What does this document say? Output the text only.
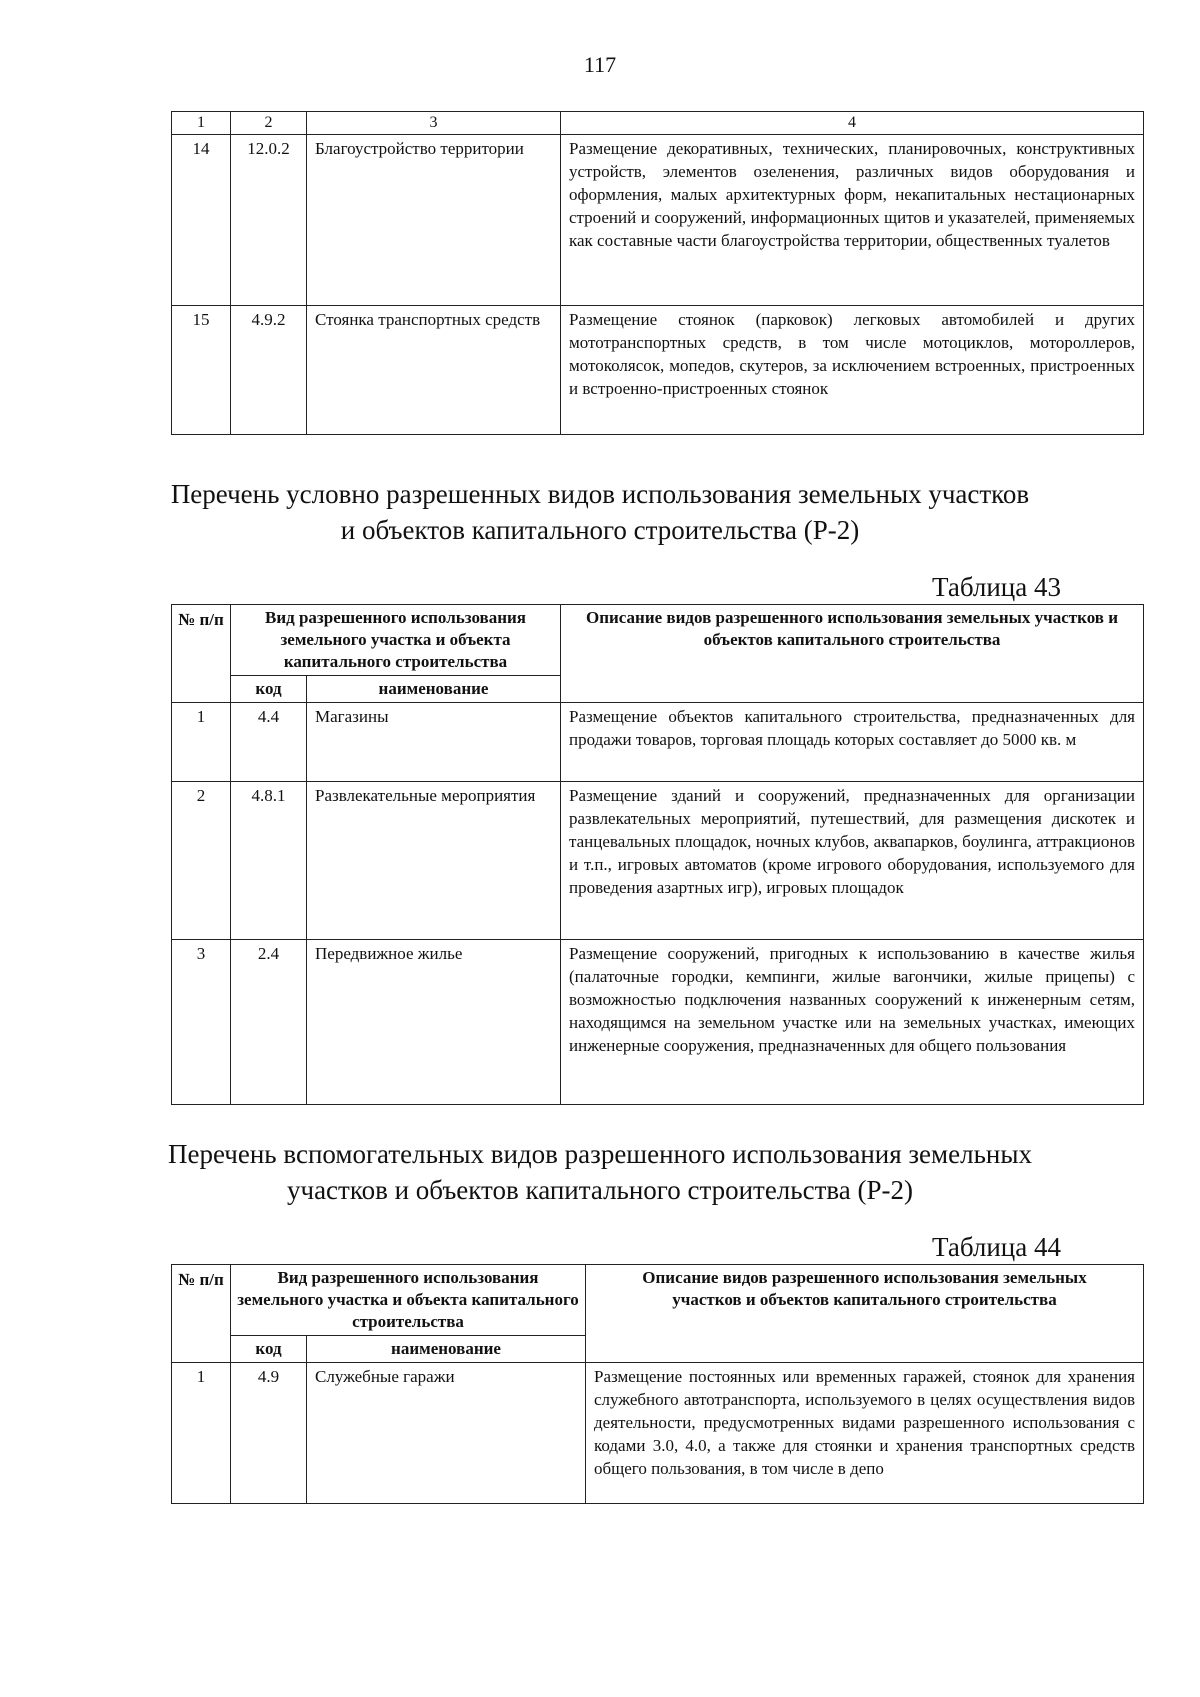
117
1	2	3	4
14	12.0.2	Благоустройство территории	Размещение декоративных, технических, планировочных, конструктивных устройств, элементов озеленения, различных видов оборудования и оформления, малых архитектурных форм, некапитальных нестационарных строений и сооружений, информационных щитов и указателей, применяемых как составные части благоустройства территории, общественных туалетов
15	4.9.2	Стоянка транспортных средств	Размещение стоянок (парковок) легковых автомобилей и других мототранспортных средств, в том числе мотоциклов, мотороллеров, мотоколясок, мопедов, скутеров, за исключением встроенных, пристроенных и встроенно-пристроенных стоянок
Перечень условно разрешенных видов использования земельных участков
и объектов капитального строительства (Р-2)
Таблица 43
№ п/п	Вид разрешенного использования земельного участка и объекта капитального строительства		Описание видов разрешенного использования земельных участков и объектов капитального строительства
	код	наименование	
1	4.4	Магазины	Размещение объектов капитального строительства, предназначенных для продажи товаров, торговая площадь которых составляет до 5000 кв. м
2	4.8.1	Развлекательные мероприятия	Размещение зданий и сооружений, предназначенных для организации развлекательных мероприятий, путешествий, для размещения дискотек и танцевальных площадок, ночных клубов, аквапарков, боулинга, аттракционов и т.п., игровых автоматов (кроме игрового оборудования, используемого для проведения азартных игр), игровых площадок
3	2.4	Передвижное жилье	Размещение сооружений, пригодных к использованию в качестве жилья (палаточные городки, кемпинги, жилые вагончики, жилые прицепы) с возможностью подключения названных сооружений к инженерным сетям, находящимся на земельном участке или на земельных участках, имеющих инженерные сооружения, предназначенных для общего пользования
Перечень вспомогательных видов разрешенного использования земельных
участков и объектов капитального строительства (Р-2)
Таблица 44
№ п/п	Вид разрешенного использования земельного участка и объекта капитального строительства		Описание видов разрешенного использования земельных участков и объектов капитального строительства
	код	наименование	
1	4.9	Служебные гаражи	Размещение постоянных или временных гаражей, стоянок для хранения служебного автотранспорта, используемого в целях осуществления видов деятельности, предусмотренных видами разрешенного использования с кодами 3.0, 4.0, а также для стоянки и хранения транспортных средств общего пользования, в том числе в депо
